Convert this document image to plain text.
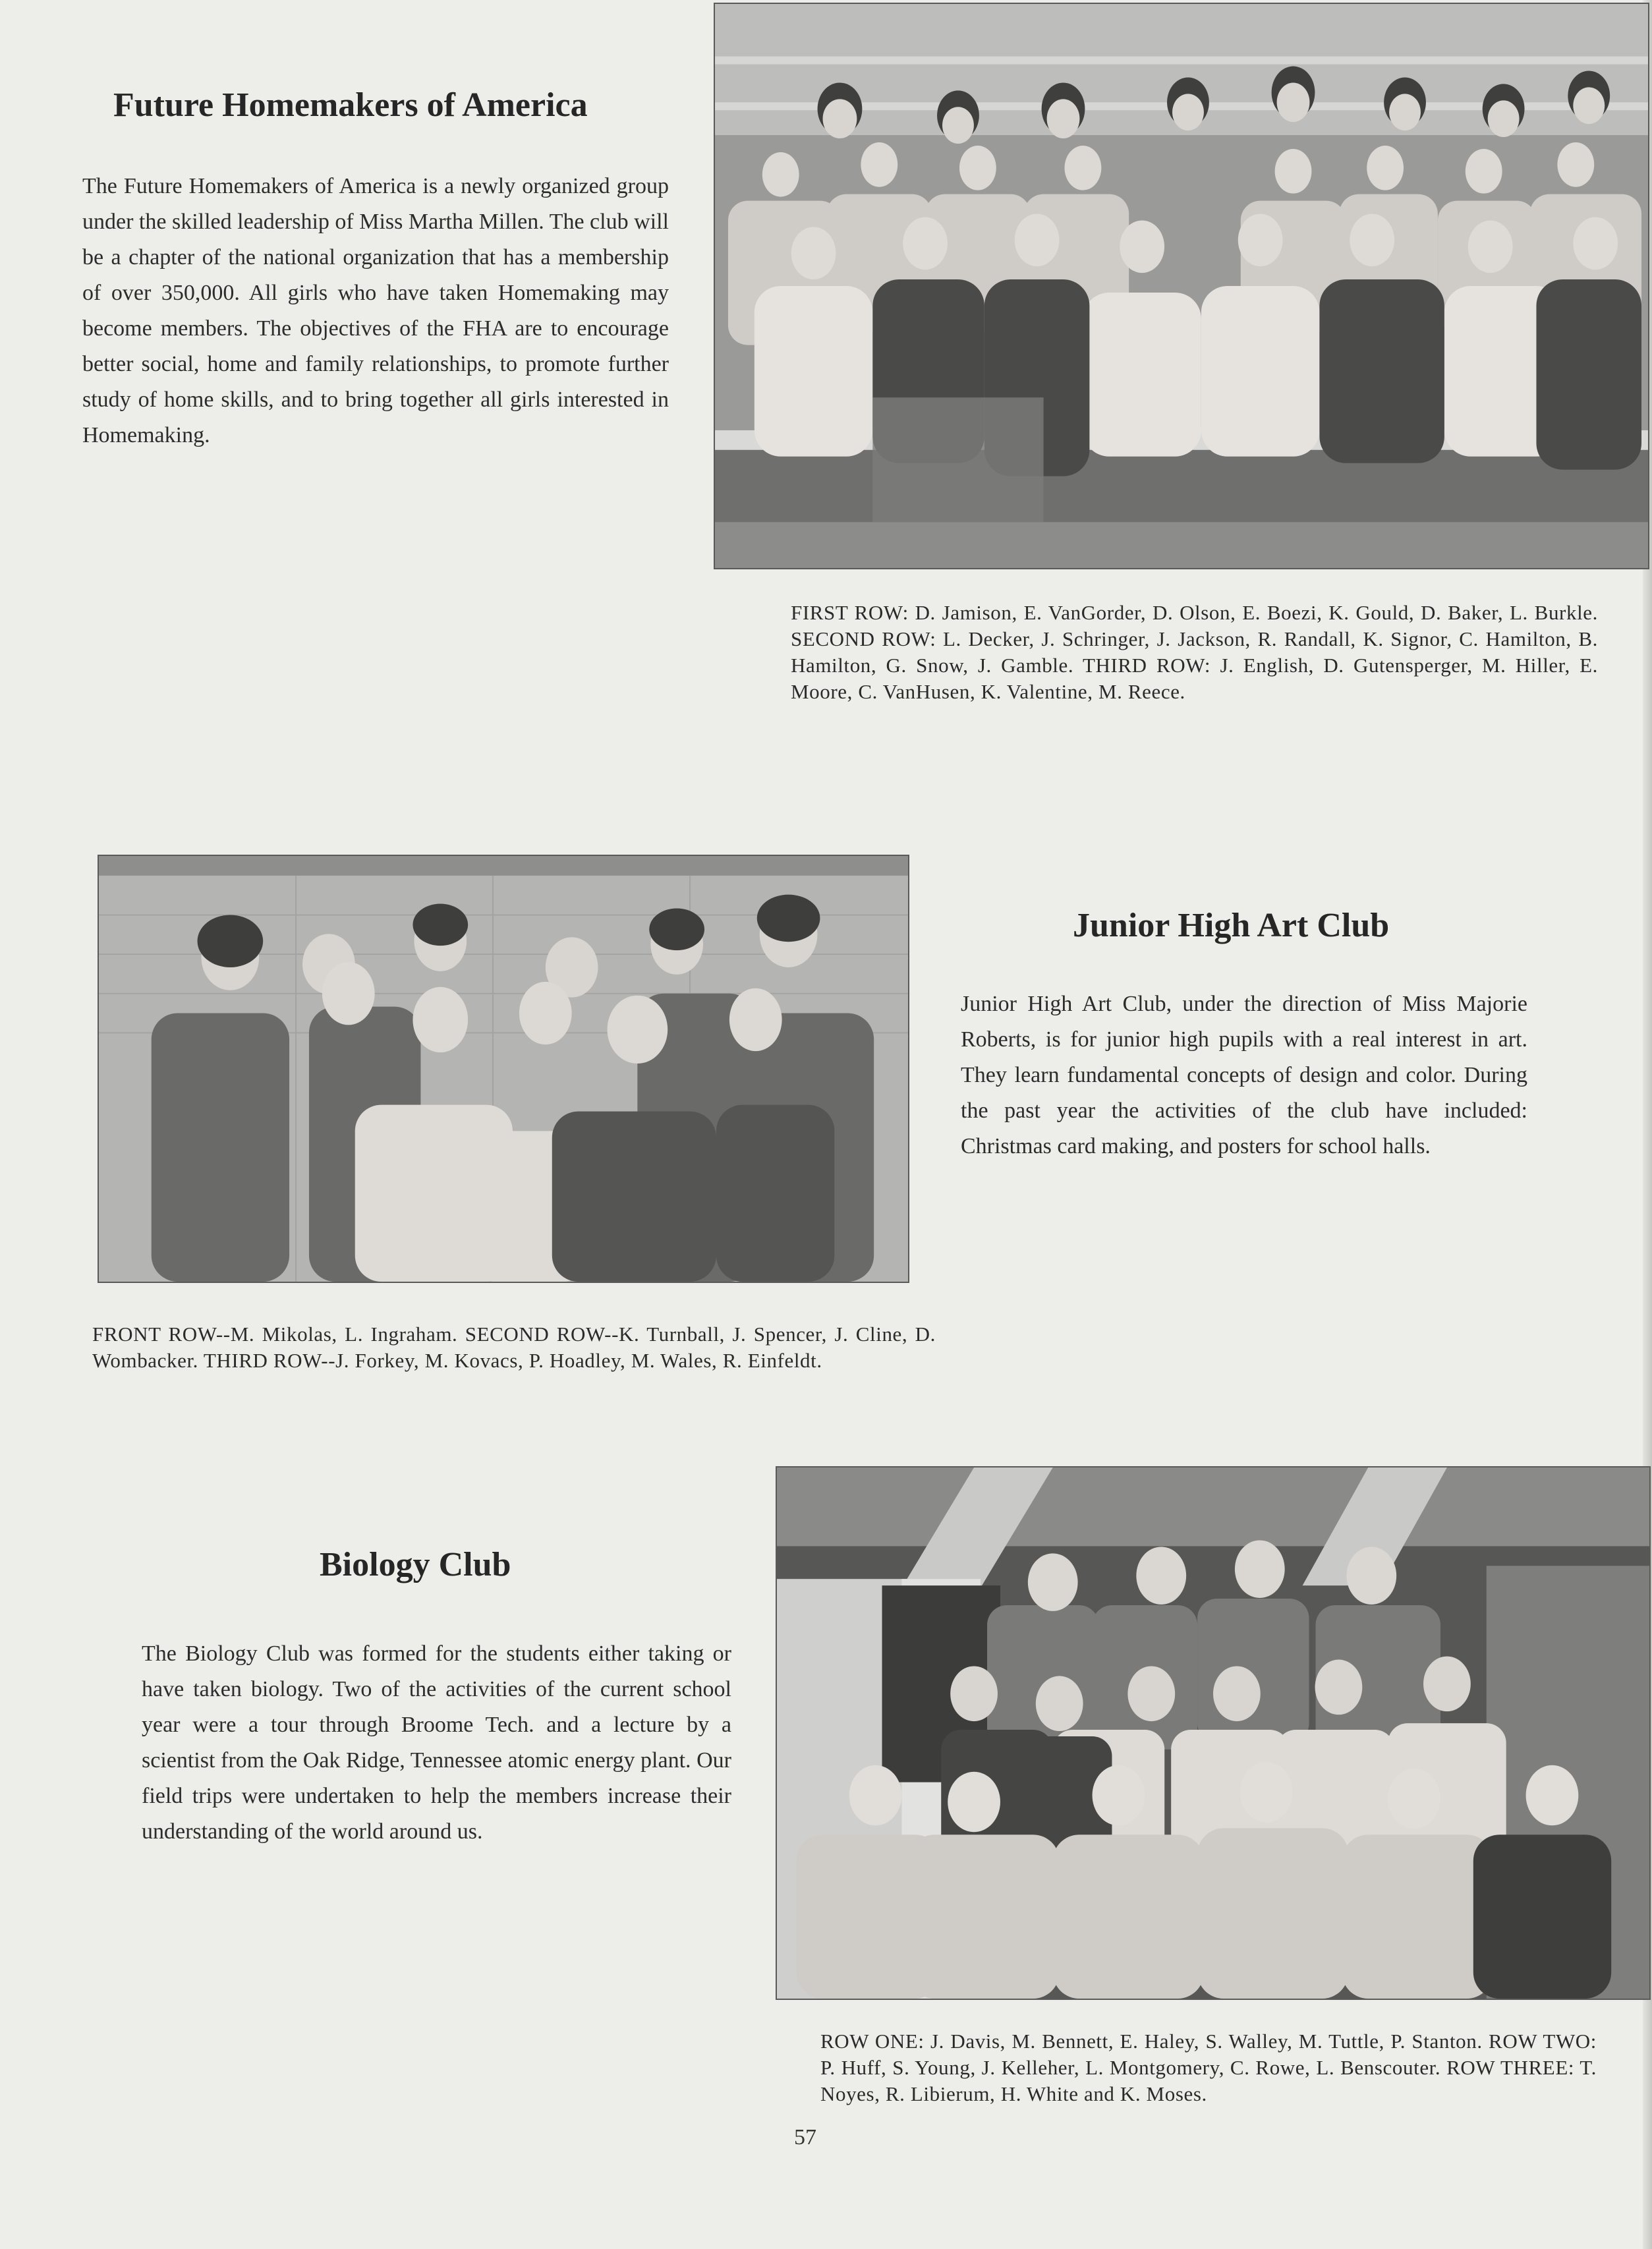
Future Homemakers of America

The Future Homemakers of America is a newly organized group under the skilled leadership of Miss Martha Millen. The club will be a chapter of the national organization that has a membership of over 350,000. All girls who have taken Homemaking may become members. The objectives of the FHA are to encourage better social, home and family relationships, to promote further study of home skills, and to bring together all girls interested in Homemaking.

FIRST ROW: D. Jamison, E. VanGorder, D. Olson, E. Boezi, K. Gould, D. Baker, L. Burkle. SECOND ROW: L. Decker, J. Schringer, J. Jackson, R. Randall, K. Signor, C. Hamilton, B. Hamilton, G. Snow, J. Gamble. THIRD ROW: J. English, D. Gutensperger, M. Hiller, E. Moore, C. VanHusen, K. Valentine, M. Reece.

Junior High Art Club

Junior High Art Club, under the direction of Miss Majorie Roberts, is for junior high pupils with a real interest in art. They learn fundamental concepts of design and color. During the past year the activities of the club have included: Christmas card making, and posters for school halls.

FRONT ROW--M. Mikolas, L. Ingraham. SECOND ROW--K. Turnball, J. Spencer, J. Cline, D. Wombacker. THIRD ROW--J. Forkey, M. Kovacs, P. Hoadley, M. Wales, R. Einfeldt.

Biology Club

The Biology Club was formed for the students either taking or have taken biology. Two of the activities of the current school year were a tour through Broome Tech. and a lecture by a scientist from the Oak Ridge, Tennessee atomic energy plant. Our field trips were undertaken to help the members increase their understanding of the world around us.

ROW ONE: J. Davis, M. Bennett, E. Haley, S. Walley, M. Tuttle, P. Stanton. ROW TWO: P. Huff, S. Young, J. Kelleher, L. Montgomery, C. Rowe, L. Benscouter. ROW THREE: T. Noyes, R. Libierum, H. White and K. Moses.

57
